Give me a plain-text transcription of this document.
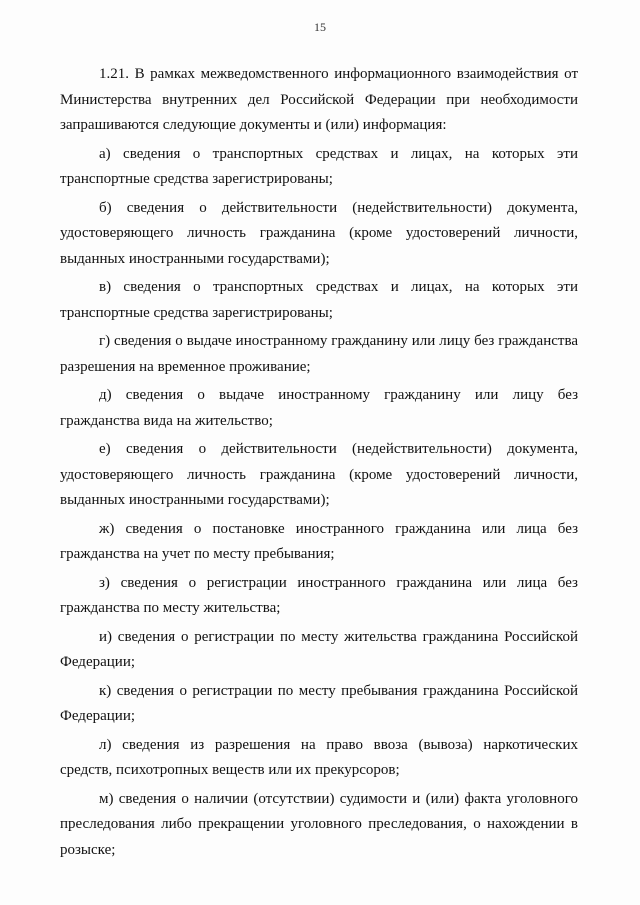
15

1.21. В рамках межведомственного информационного взаимодействия от Министерства внутренних дел Российской Федерации при необходимости запрашиваются следующие документы и (или) информация:

а) сведения о транспортных средствах и лицах, на которых эти транспортные средства зарегистрированы;

б) сведения о действительности (недействительности) документа, удостоверяющего личность гражданина (кроме удостоверений личности, выданных иностранными государствами);

в) сведения о транспортных средствах и лицах, на которых эти транспортные средства зарегистрированы;

г) сведения о выдаче иностранному гражданину или лицу без гражданства разрешения на временное проживание;

д) сведения о выдаче иностранному гражданину или лицу без гражданства вида на жительство;

е) сведения о действительности (недействительности) документа, удостоверяющего личность гражданина (кроме удостоверений личности, выданных иностранными государствами);

ж) сведения о постановке иностранного гражданина или лица без гражданства на учет по месту пребывания;

з) сведения о регистрации иностранного гражданина или лица без гражданства по месту жительства;

и) сведения о регистрации по месту жительства гражданина Российской Федерации;

к) сведения о регистрации по месту пребывания гражданина Российской Федерации;

л) сведения из разрешения на право ввоза (вывоза) наркотических средств, психотропных веществ или их прекурсоров;

м) сведения о наличии (отсутствии) судимости и (или) факта уголовного преследования либо прекращении уголовного преследования, о нахождении в розыске;
